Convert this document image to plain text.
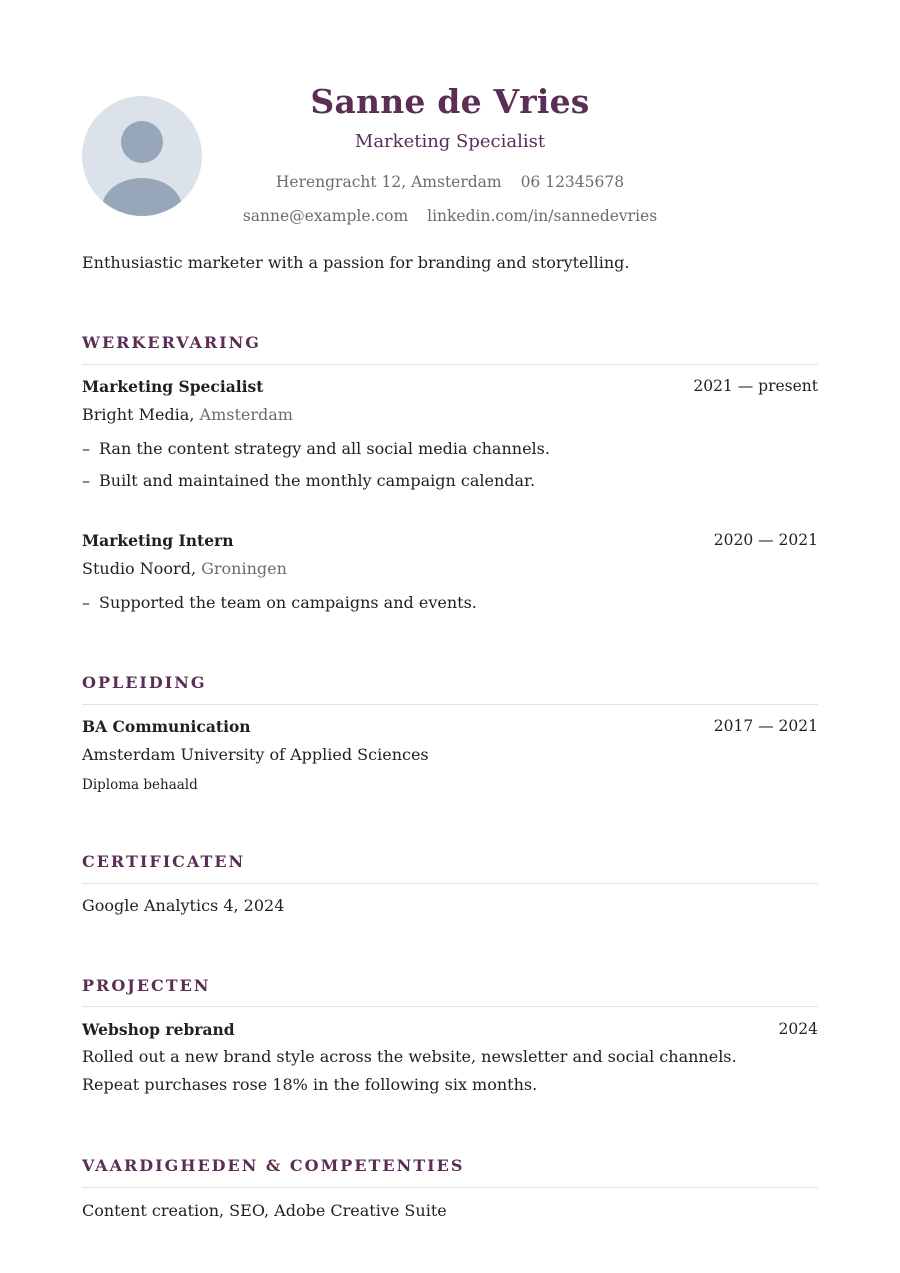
Sanne de Vries
Marketing Specialist
Herengracht 12, Amsterdam 06 12345678
sanne@example.com linkedin.com/in/sannedevries
Enthusiastic marketer with a passion for branding and storytelling.
WERKERVARING
Marketing Specialist	2021 — present
Bright Media, Amsterdam
– Ran the content strategy and all social media channels.
– Built and maintained the monthly campaign calendar.
Marketing Intern	2020 — 2021
Studio Noord, Groningen
– Supported the team on campaigns and events.
OPLEIDING
BA Communication	2017 — 2021
Amsterdam University of Applied Sciences
Diploma behaald
CERTIFICATEN
Google Analytics 4, 2024
PROJECTEN
Webshop rebrand	2024
Rolled out a new brand style across the website, newsletter and social channels. Repeat purchases rose 18% in the following six months.
VAARDIGHEDEN & COMPETENTIES
Content creation, SEO, Adobe Creative Suite
